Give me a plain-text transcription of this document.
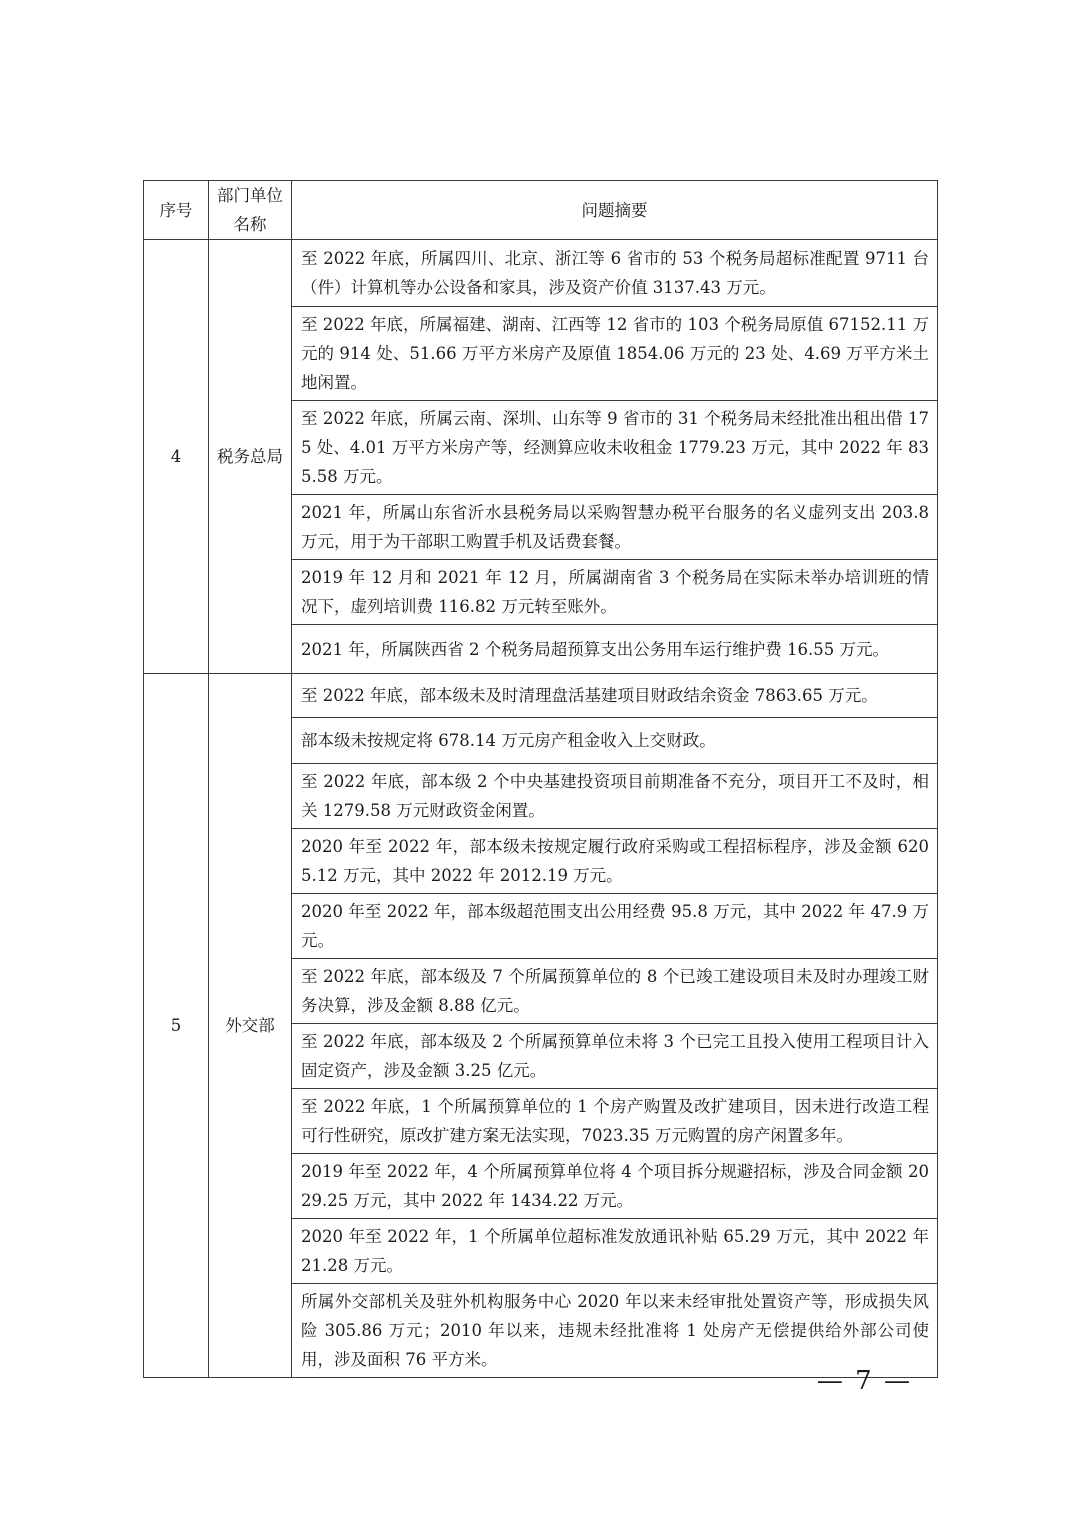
序号	部门单位名称	问题摘要
4	税务总局	至 2022 年底，所属四川、北京、浙江等 6 省市的 53 个税务局超标准配置 9711 台（件）计算机等办公设备和家具，涉及资产价值 3137.43 万元。
		至 2022 年底，所属福建、湖南、江西等 12 省市的 103 个税务局原值 67152.11 万元的 914 处、51.66 万平方米房产及原值 1854.06 万元的 23 处、4.69 万平方米土地闲置。
		至 2022 年底，所属云南、深圳、山东等 9 省市的 31 个税务局未经批准出租出借 175 处、4.01 万平方米房产等，经测算应收未收租金 1779.23 万元，其中 2022 年 835.58 万元。
		2021 年，所属山东省沂水县税务局以采购智慧办税平台服务的名义虚列支出 203.8 万元，用于为干部职工购置手机及话费套餐。
		2019 年 12 月和 2021 年 12 月，所属湖南省 3 个税务局在实际未举办培训班的情况下，虚列培训费 116.82 万元转至账外。
		2021 年，所属陕西省 2 个税务局超预算支出公务用车运行维护费 16.55 万元。
5	外交部	至 2022 年底，部本级未及时清理盘活基建项目财政结余资金 7863.65 万元。
		部本级未按规定将 678.14 万元房产租金收入上交财政。
		至 2022 年底，部本级 2 个中央基建投资项目前期准备不充分，项目开工不及时，相关 1279.58 万元财政资金闲置。
		2020 年至 2022 年，部本级未按规定履行政府采购或工程招标程序，涉及金额 6205.12 万元，其中 2022 年 2012.19 万元。
		2020 年至 2022 年，部本级超范围支出公用经费 95.8 万元，其中 2022 年 47.9 万元。
		至 2022 年底，部本级及 7 个所属预算单位的 8 个已竣工建设项目未及时办理竣工财务决算，涉及金额 8.88 亿元。
		至 2022 年底，部本级及 2 个所属预算单位未将 3 个已完工且投入使用工程项目计入固定资产，涉及金额 3.25 亿元。
		至 2022 年底，1 个所属预算单位的 1 个房产购置及改扩建项目，因未进行改造工程可行性研究，原改扩建方案无法实现，7023.35 万元购置的房产闲置多年。
		2019 年至 2022 年，4 个所属预算单位将 4 个项目拆分规避招标，涉及合同金额 2029.25 万元，其中 2022 年 1434.22 万元。
		2020 年至 2022 年，1 个所属单位超标准发放通讯补贴 65.29 万元，其中 2022 年 21.28 万元。
		所属外交部机关及驻外机构服务中心 2020 年以来未经审批处置资产等，形成损失风险 305.86 万元；2010 年以来，违规未经批准将 1 处房产无偿提供给外部公司使用，涉及面积 76 平方米。
— 7 —
